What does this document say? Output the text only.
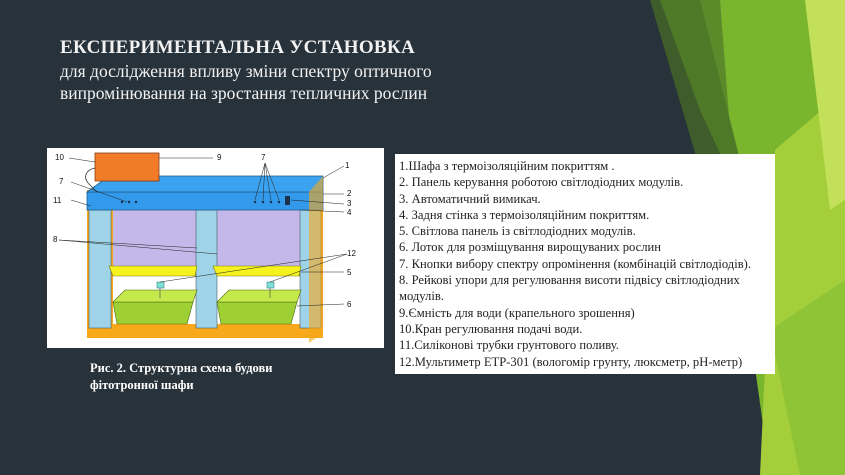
ЕКСПЕРИМЕНТАЛЬНА УСТАНОВКА
для дослідження впливу зміни спектру оптичного
випромінювання на зростання тепличних рослин
10	9	7
1
7
11
2
3
4
8
12
5
6
Рис. 2. Структурна схема будови
фітотронної шафи
1.Шафа з термоізоляційним покриттям .
2. Панель керування роботою світлодіодних модулів.
3. Автоматичний вимикач.
4. Задня стінка з термоізоляційним покриттям.
5. Світлова панель із світлодіодних модулів.
6. Лоток для розміщування вирощуваних рослин
7. Кнопки вибору спектру опромінення (комбінацій світлодіодів).
8. Рейкові упори для регулювання висоти підвісу світлодіодних модулів.
9.Ємність для води (крапельного зрошення)
10.Кран регулювання подачі води.
11.Силіконові трубки грунтового поливу.
12.Мультиметр ЕТР-301 (вологомір грунту, люксметр, рН-метр)
